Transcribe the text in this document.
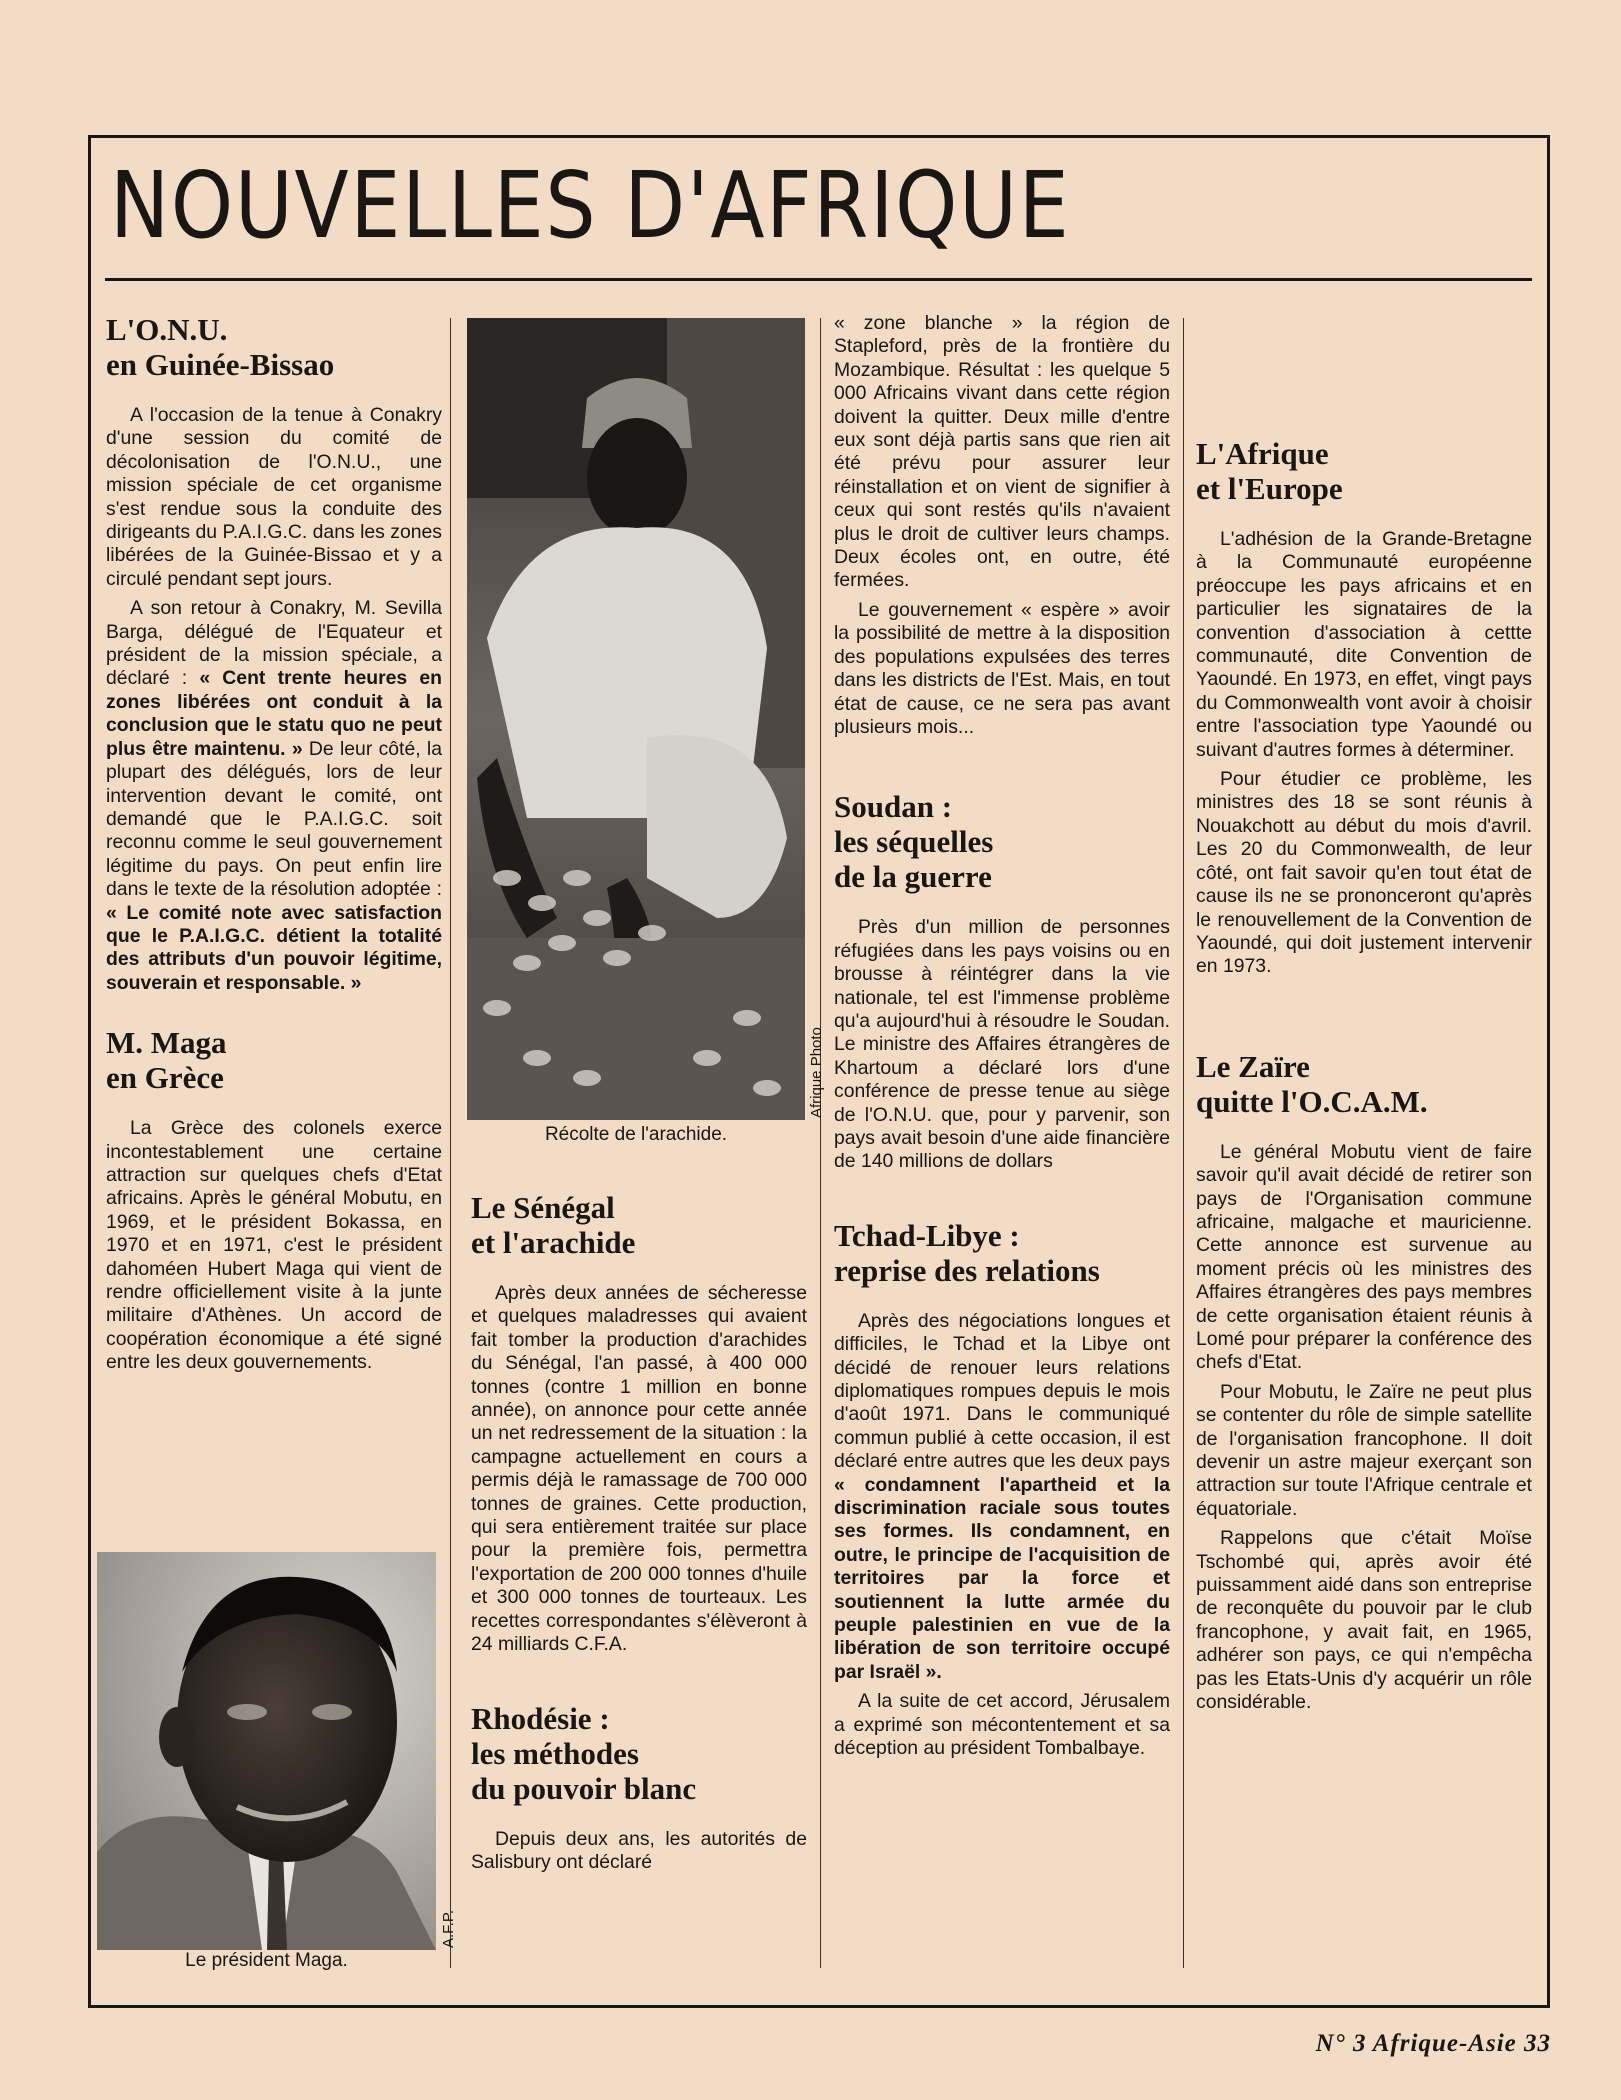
NOUVELLES D'AFRIQUE
L'O.N.U.
en Guinée-Bissao

A l'occasion de la tenue à Conakry d'une session du comité de décolonisation de l'O.N.U., une mission spéciale de cet organisme s'est rendue sous la conduite des dirigeants du P.A.I.G.C. dans les zones libérées de la Guinée-Bissao et y a circulé pendant sept jours.

A son retour à Conakry, M. Sevilla Barga, délégué de l'Equateur et président de la mission spéciale, a déclaré : « Cent trente heures en zones libérées ont conduit à la conclusion que le statu quo ne peut plus être maintenu. » De leur côté, la plupart des délégués, lors de leur intervention devant le comité, ont demandé que le P.A.I.G.C. soit reconnu comme le seul gouvernement légitime du pays. On peut enfin lire dans le texte de la résolution adoptée : « Le comité note avec satisfaction que le P.A.I.G.C. détient la totalité des attributs d'un pouvoir légitime, souverain et responsable. »

M. Maga
en Grèce

La Grèce des colonels exerce incontestablement une certaine attraction sur quelques chefs d'Etat africains. Après le général Mobutu, en 1969, et le président Bokassa, en 1970 et en 1971, c'est le président dahoméen Hubert Maga qui vient de rendre officiellement visite à la junte militaire d'Athènes. Un accord de coopération économique a été signé entre les deux gouvernements.

A.F.P.
Le président Maga.
Afrique Photo
Récolte de l'arachide.
Le Sénégal
et l'arachide

Après deux années de sécheresse et quelques maladresses qui avaient fait tomber la production d'arachides du Sénégal, l'an passé, à 400 000 tonnes (contre 1 million en bonne année), on annonce pour cette année un net redressement de la situation : la campagne actuellement en cours a permis déjà le ramassage de 700 000 tonnes de graines. Cette production, qui sera entièrement traitée sur place pour la première fois, permettra l'exportation de 200 000 tonnes d'huile et 300 000 tonnes de tourteaux. Les recettes correspondantes s'élèveront à 24 milliards C.F.A.

Rhodésie :
les méthodes
du pouvoir blanc

Depuis deux ans, les autorités de Salisbury ont déclaré

« zone blanche » la région de Stapleford, près de la frontière du Mozambique. Résultat : les quelque 5 000 Africains vivant dans cette région doivent la quitter. Deux mille d'entre eux sont déjà partis sans que rien ait été prévu pour assurer leur réinstallation et on vient de signifier à ceux qui sont restés qu'ils n'avaient plus le droit de cultiver leurs champs. Deux écoles ont, en outre, été fermées.

Le gouvernement « espère » avoir la possibilité de mettre à la disposition des populations expulsées des terres dans les districts de l'Est. Mais, en tout état de cause, ce ne sera pas avant plusieurs mois...

Soudan :
les séquelles
de la guerre

Près d'un million de personnes réfugiées dans les pays voisins ou en brousse à réintégrer dans la vie nationale, tel est l'immense problème qu'a aujourd'hui à résoudre le Soudan. Le ministre des Affaires étrangères de Khartoum a déclaré lors d'une conférence de presse tenue au siège de l'O.N.U. que, pour y parvenir, son pays avait besoin d'une aide financière de 140 millions de dollars

Tchad-Libye :
reprise des relations

Après des négociations longues et difficiles, le Tchad et la Libye ont décidé de renouer leurs relations diplomatiques rompues depuis le mois d'août 1971. Dans le communiqué commun publié à cette occasion, il est déclaré entre autres que les deux pays « condamnent l'apartheid et la discrimination raciale sous toutes ses formes. Ils condamnent, en outre, le principe de l'acquisition de territoires par la force et soutiennent la lutte armée du peuple palestinien en vue de la libération de son territoire occupé par Israël ».

A la suite de cet accord, Jérusalem a exprimé son mécontentement et sa déception au président Tombalbaye.

L'Afrique
et l'Europe

L'adhésion de la Grande-Bretagne à la Communauté européenne préoccupe les pays africains et en particulier les signataires de la convention d'association à cettte communauté, dite Convention de Yaoundé. En 1973, en effet, vingt pays du Commonwealth vont avoir à choisir entre l'association type Yaoundé ou suivant d'autres formes à déterminer.

Pour étudier ce problème, les ministres des 18 se sont réunis à Nouakchott au début du mois d'avril. Les 20 du Commonwealth, de leur côté, ont fait savoir qu'en tout état de cause ils ne se prononceront qu'après le renouvellement de la Convention de Yaoundé, qui doit justement intervenir en 1973.

Le Zaïre
quitte l'O.C.A.M.

Le général Mobutu vient de faire savoir qu'il avait décidé de retirer son pays de l'Organisation commune africaine, malgache et mauricienne. Cette annonce est survenue au moment précis où les ministres des Affaires étrangères des pays membres de cette organisation étaient réunis à Lomé pour préparer la conférence des chefs d'Etat.

Pour Mobutu, le Zaïre ne peut plus se contenter du rôle de simple satellite de l'organisation francophone. Il doit devenir un astre majeur exerçant son attraction sur toute l'Afrique centrale et équatoriale.

Rappelons que c'était Moïse Tschombé qui, après avoir été puissamment aidé dans son entreprise de reconquête du pouvoir par le club francophone, y avait fait, en 1965, adhérer son pays, ce qui n'empêcha pas les Etats-Unis d'y acquérir un rôle considérable.

N° 3 Afrique-Asie 33
